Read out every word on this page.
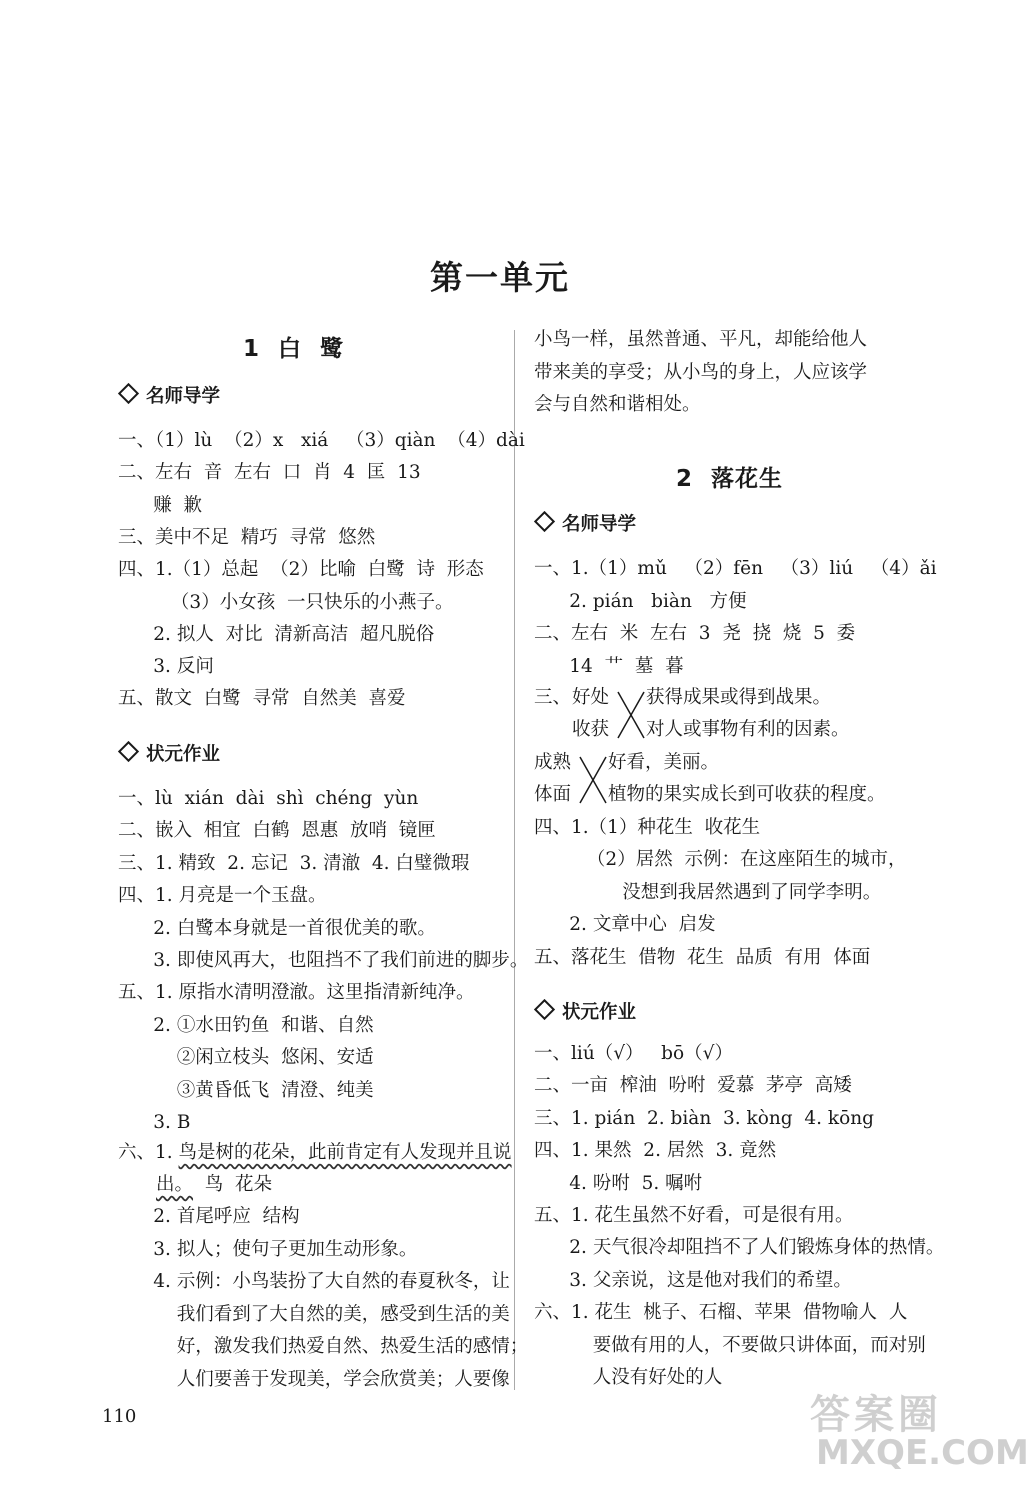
第一单元
1  白  鹭
名师导学
一、（1）lù  （2）x   xiá   （3）qiàn  （4）dài
二、左右  音  左右  口  肖  4  匡  13
赚  歉
三、美中不足  精巧  寻常  悠然
四、1.（1）总起  （2）比喻  白鹭  诗  形态
（3）小女孩  一只快乐的小燕子。
2. 拟人  对比  清新高洁  超凡脱俗
3. 反问
五、散文  白鹭  寻常  自然美  喜爱
状元作业
一、lù  xián  dài  shì  chéng  yùn
二、嵌入  相宜  白鹤  恩惠  放哨  镜匣
三、1. 精致  2. 忘记  3. 清澈  4. 白璧微瑕
四、1. 月亮是一个玉盘。
2. 白鹭本身就是一首很优美的歌。
3. 即使风再大，也阻挡不了我们前进的脚步。
五、1. 原指水清明澄澈。这里指清新纯净。
2. ①水田钓鱼  和谐、自然
②闲立枝头  悠闲、安适
③黄昏低飞  清澄、纯美
3. B
六、1. 鸟是树的花朵，此前肯定有人发现并且说
出。  鸟  花朵
2. 首尾呼应  结构
3. 拟人；使句子更加生动形象。
4. 示例：小鸟装扮了大自然的春夏秋冬，让
我们看到了大自然的美，感受到生活的美
好，激发我们热爱自然、热爱生活的感情；
人们要善于发现美，学会欣赏美；人要像
小鸟一样，虽然普通、平凡，却能给他人
带来美的享受；从小鸟的身上，人应该学
会与自然和谐相处。
2  落花生
名师导学
一、1.（1）mǔ   （2）fēn   （3）liú   （4）ǎi
2. pián   biàn   方便
二、左右  米  左右  3  尧  挠  烧  5  委
14  艹  墓  暮
三、 好处
收获
获得成果或得到战果。
对人或事物有利的因素。
成熟
体面
好看，美丽。
植物的果实成长到可收获的程度。
四、1.（1）种花生  收花生
（2）居然  示例：在这座陌生的城市，
没想到我居然遇到了同学李明。
2. 文章中心  启发
五、落花生  借物  花生  品质  有用  体面
状元作业
一、liú（√）   bō（√）
二、一亩  榨油  吩咐  爱慕  茅亭  高矮
三、1. pián  2. biàn  3. kòng  4. kōng
四、1. 果然  2. 居然  3. 竟然
4. 吩咐  5. 嘱咐
五、1. 花生虽然不好看，可是很有用。
2. 天气很冷却阻挡不了人们锻炼身体的热情。
3. 父亲说，这是他对我们的希望。
六、1. 花生  桃子、石榴、苹果  借物喻人  人
要做有用的人，不要做只讲体面，而对别
人没有好处的人
110	答案圈
MXQE.COM
